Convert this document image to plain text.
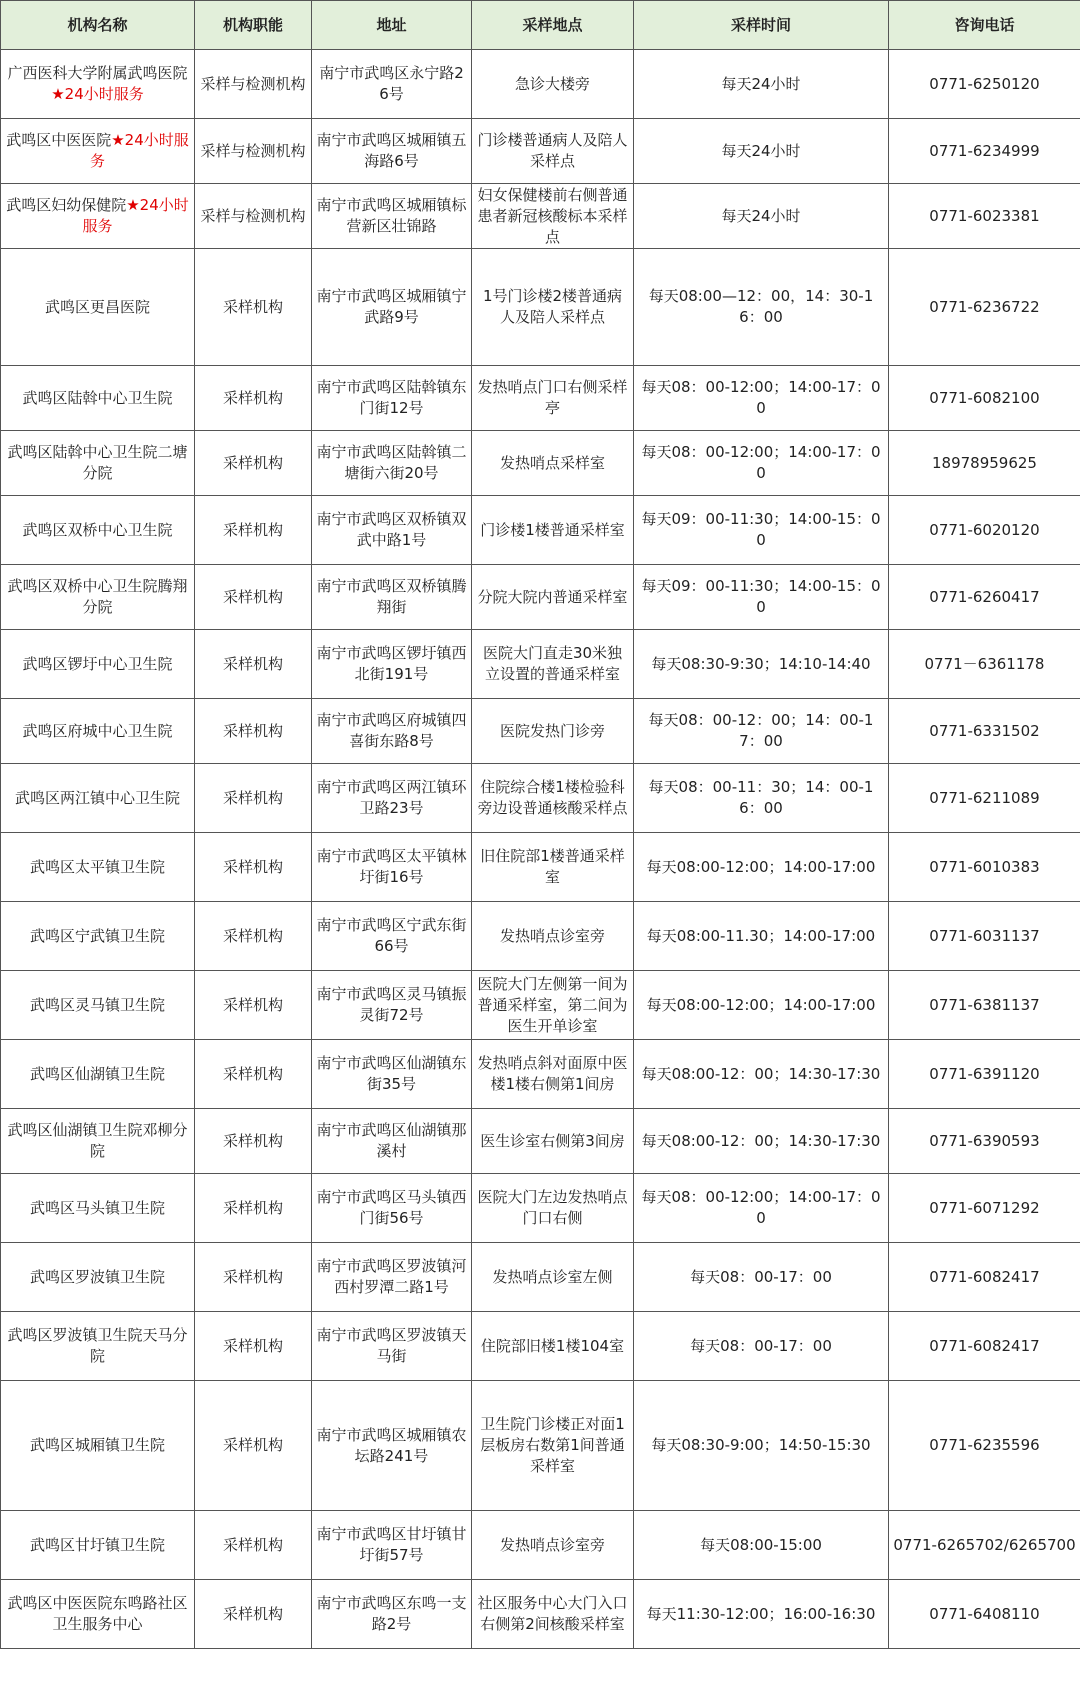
机构名称	机构职能	地址	采样地点	采样时间	咨询电话
广西医科大学附属武鸣医院★24小时服务	采样与检测机构	南宁市武鸣区永宁路26号	急诊大楼旁	每天24小时	0771-6250120
武鸣区中医医院★24小时服务	采样与检测机构	南宁市武鸣区城厢镇五海路6号	门诊楼普通病人及陪人采样点	每天24小时	0771-6234999
武鸣区妇幼保健院★24小时服务	采样与检测机构	南宁市武鸣区城厢镇标营新区壮锦路	妇女保健楼前右侧普通患者新冠核酸标本采样点	每天24小时	0771-6023381
武鸣区更昌医院	采样机构	南宁市武鸣区城厢镇宁武路9号	1号门诊楼2楼普通病人及陪人采样点	每天08:00—12：00，14：30-16：00	0771-6236722
武鸣区陆斡中心卫生院	采样机构	南宁市武鸣区陆斡镇东门街12号	发热哨点门口右侧采样亭	每天08：00-12:00；14:00-17：00	0771-6082100
武鸣区陆斡中心卫生院二塘分院	采样机构	南宁市武鸣区陆斡镇二塘街六街20号	发热哨点采样室	每天08：00-12:00；14:00-17：00	18978959625
武鸣区双桥中心卫生院	采样机构	南宁市武鸣区双桥镇双武中路1号	门诊楼1楼普通采样室	每天09：00-11:30；14:00-15：00	0771-6020120
武鸣区双桥中心卫生院腾翔分院	采样机构	南宁市武鸣区双桥镇腾翔街	分院大院内普通采样室	每天09：00-11:30；14:00-15：00	0771-6260417
武鸣区锣圩中心卫生院	采样机构	南宁市武鸣区锣圩镇西北街191号	医院大门直走30米独立设置的普通采样室	每天08:30-9:30；14:10-14:40	0771－6361178
武鸣区府城中心卫生院	采样机构	南宁市武鸣区府城镇四喜街东路8号	医院发热门诊旁	每天08：00-12：00；14：00-17：00	0771-6331502
武鸣区两江镇中心卫生院	采样机构	南宁市武鸣区两江镇环卫路23号	住院综合楼1楼检验科旁边设普通核酸采样点	每天08：00-11：30；14：00-16：00	0771-6211089
武鸣区太平镇卫生院	采样机构	南宁市武鸣区太平镇林圩街16号	旧住院部1楼普通采样室	每天08:00-12:00；14:00-17:00	0771-6010383
武鸣区宁武镇卫生院	采样机构	南宁市武鸣区宁武东街66号	发热哨点诊室旁	每天08:00-11.30；14:00-17:00	0771-6031137
武鸣区灵马镇卫生院	采样机构	南宁市武鸣区灵马镇振灵街72号	医院大门左侧第一间为普通采样室，第二间为医生开单诊室	每天08:00-12:00；14:00-17:00	0771-6381137
武鸣区仙湖镇卫生院	采样机构	南宁市武鸣区仙湖镇东街35号	发热哨点斜对面原中医楼1楼右侧第1间房	每天08:00-12：00；14:30-17:30	0771-6391120
武鸣区仙湖镇卫生院邓柳分院	采样机构	南宁市武鸣区仙湖镇那溪村	医生诊室右侧第3间房	每天08:00-12：00；14:30-17:30	0771-6390593
武鸣区马头镇卫生院	采样机构	南宁市武鸣区马头镇西门街56号	医院大门左边发热哨点门口右侧	每天08：00-12:00；14:00-17：00	0771-6071292
武鸣区罗波镇卫生院	采样机构	南宁市武鸣区罗波镇河西村罗潭二路1号	发热哨点诊室左侧	每天08：00-17：00	0771-6082417
武鸣区罗波镇卫生院天马分院	采样机构	南宁市武鸣区罗波镇天马街	住院部旧楼1楼104室	每天08：00-17：00	0771-6082417
武鸣区城厢镇卫生院	采样机构	南宁市武鸣区城厢镇农坛路241号	卫生院门诊楼正对面1层板房右数第1间普通采样室	每天08:30-9:00；14:50-15:30	0771-6235596
武鸣区甘圩镇卫生院	采样机构	南宁市武鸣区甘圩镇甘圩街57号	发热哨点诊室旁	每天08:00-15:00	0771-6265702/6265700
武鸣区中医医院东鸣路社区卫生服务中心	采样机构	南宁市武鸣区东鸣一支路2号	社区服务中心大门入口右侧第2间核酸采样室	每天11:30-12:00；16:00-16:30	0771-6408110
